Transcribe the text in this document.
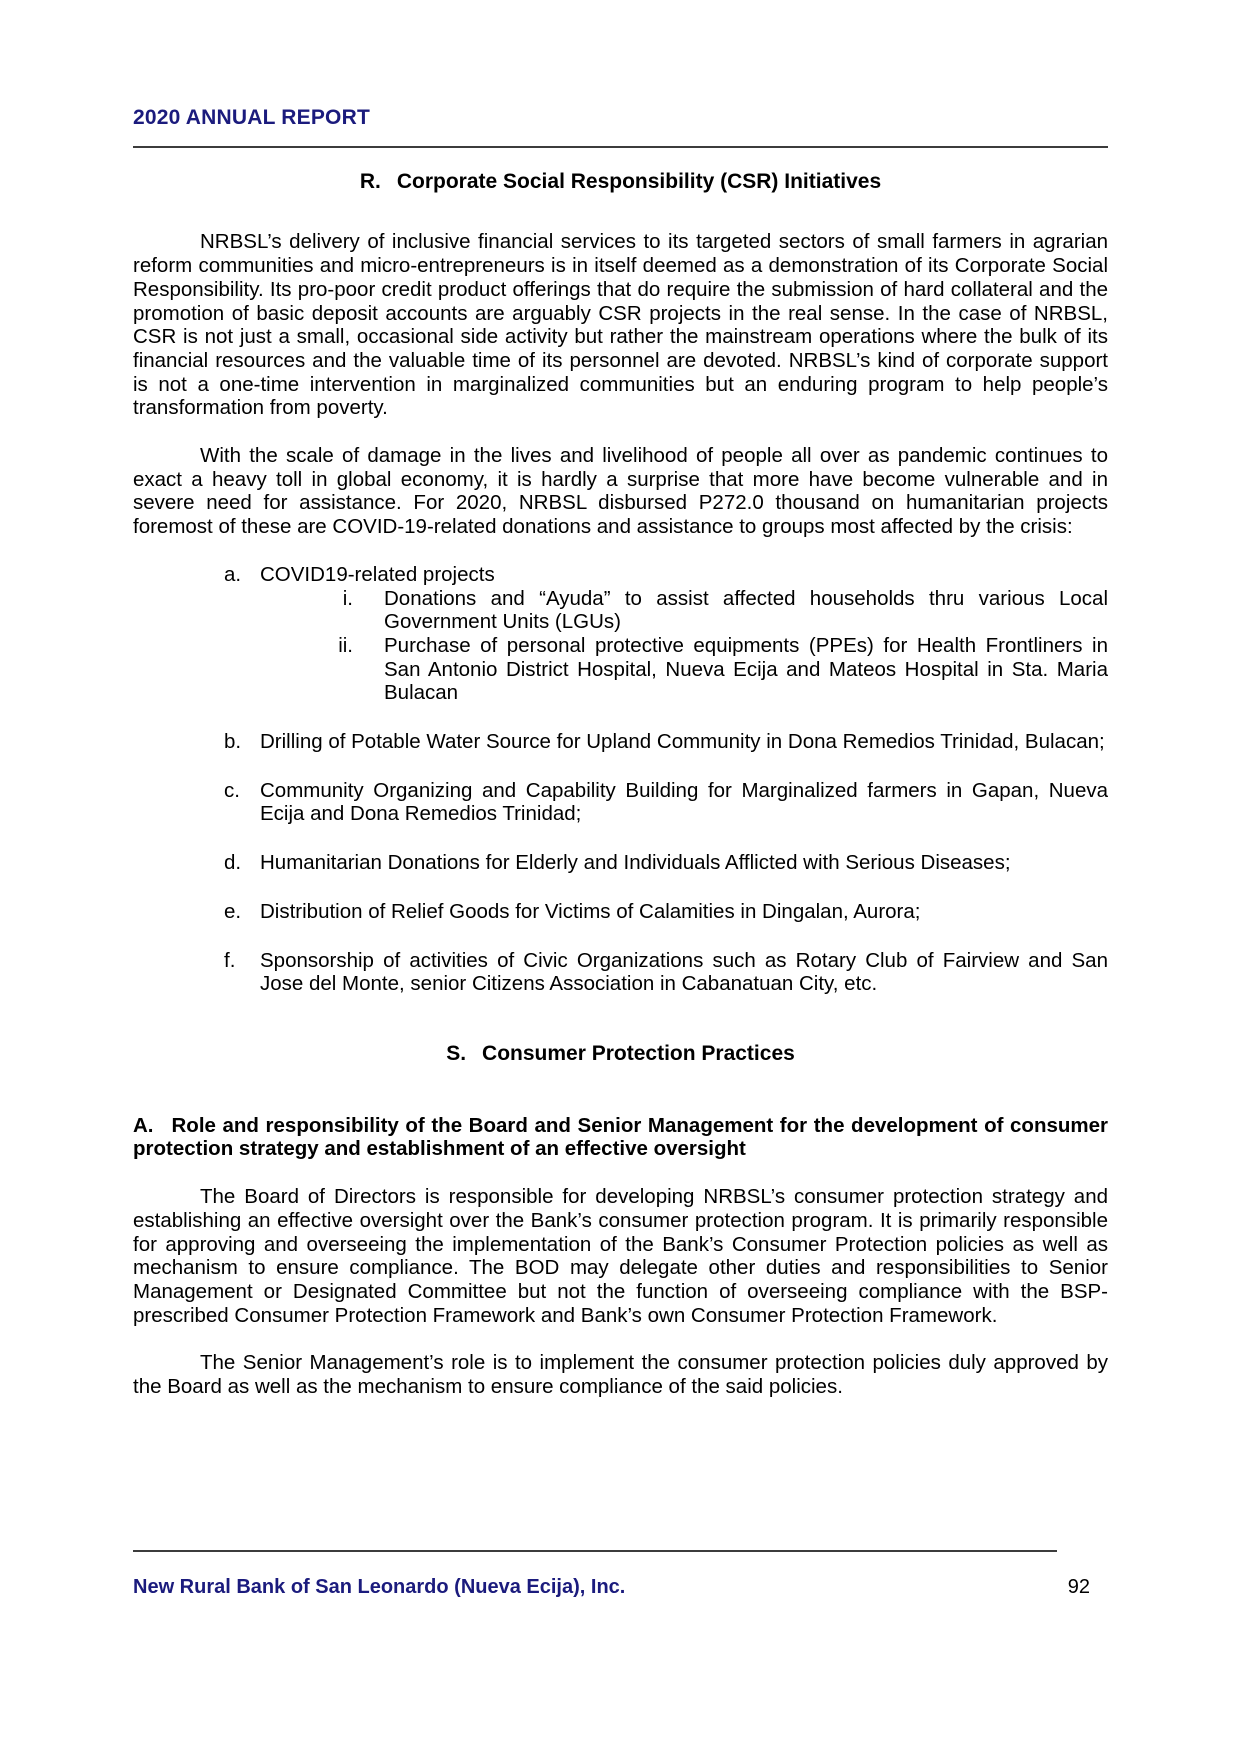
2020 ANNUAL REPORT
R. Corporate Social Responsibility (CSR) Initiatives
NRBSL’s delivery of inclusive financial services to its targeted sectors of small farmers in agrarian reform communities and micro-entrepreneurs is in itself deemed as a demonstration of its Corporate Social Responsibility. Its pro-poor credit product offerings that do require the submission of hard collateral and the promotion of basic deposit accounts are arguably CSR projects in the real sense. In the case of NRBSL, CSR is not just a small, occasional side activity but rather the mainstream operations where the bulk of its financial resources and the valuable time of its personnel are devoted. NRBSL’s kind of corporate support is not a one-time intervention in marginalized communities but an enduring program to help people’s transformation from poverty.
With the scale of damage in the lives and livelihood of people all over as pandemic continues to exact a heavy toll in global economy, it is hardly a surprise that more have become vulnerable and in severe need for assistance. For 2020, NRBSL disbursed P272.0 thousand on humanitarian projects foremost of these are COVID-19-related donations and assistance to groups most affected by the crisis:
a. COVID19-related projects
i. Donations and “Ayuda” to assist affected households thru various Local Government Units (LGUs)
ii. Purchase of personal protective equipments (PPEs) for Health Frontliners in San Antonio District Hospital, Nueva Ecija and Mateos Hospital in Sta. Maria Bulacan
b. Drilling of Potable Water Source for Upland Community in Dona Remedios Trinidad, Bulacan;
c. Community Organizing and Capability Building for Marginalized farmers in Gapan, Nueva Ecija and Dona Remedios Trinidad;
d. Humanitarian Donations for Elderly and Individuals Afflicted with Serious Diseases;
e. Distribution of Relief Goods for Victims of Calamities in Dingalan, Aurora;
f.	Sponsorship of activities of Civic Organizations such as Rotary Club of Fairview and San Jose del Monte, senior Citizens Association in Cabanatuan City, etc.
S. Consumer Protection Practices
A. Role and responsibility of the Board and Senior Management for the development of consumer protection strategy and establishment of an effective oversight
The Board of Directors is responsible for developing NRBSL’s consumer protection strategy and establishing an effective oversight over the Bank’s consumer protection program. It is primarily responsible for approving and overseeing the implementation of the Bank’s Consumer Protection policies as well as mechanism to ensure compliance. The BOD may delegate other duties and responsibilities to Senior Management or Designated Committee but not the function of overseeing compliance with the BSP-prescribed Consumer Protection Framework and Bank’s own Consumer Protection Framework.
The Senior Management’s role is to implement the consumer protection policies duly approved by the Board as well as the mechanism to ensure compliance of the said policies.
New Rural Bank of San Leonardo (Nueva Ecija), Inc.	92
